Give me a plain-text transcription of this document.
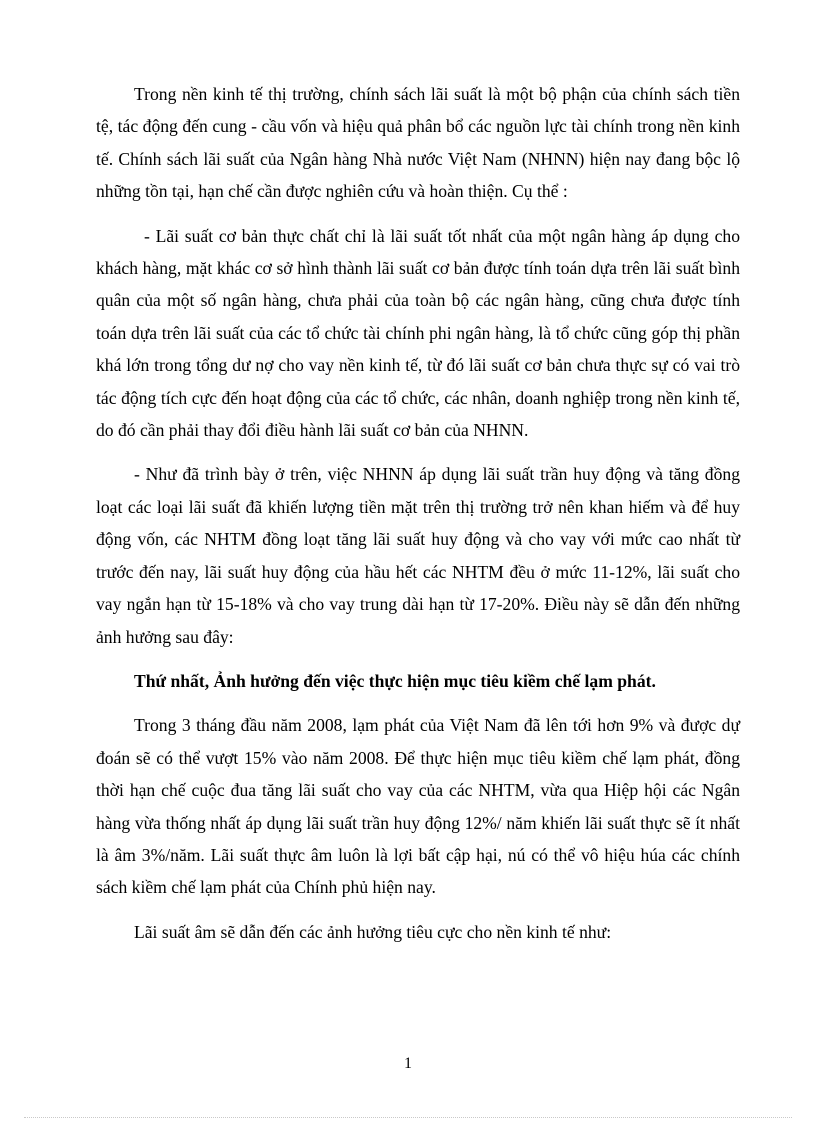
Trong nền kinh tế thị trường, chính sách lãi suất là một bộ phận của chính sách tiền tệ, tác động đến cung - cầu vốn và hiệu quả phân bổ các nguồn lực tài chính trong nền kinh tế. Chính sách lãi suất của Ngân hàng Nhà nước Việt Nam (NHNN) hiện nay đang bộc lộ những tồn tại, hạn chế cần được nghiên cứu và hoàn thiện. Cụ thể :

- Lãi suất cơ bản thực chất chỉ là lãi suất tốt nhất của một ngân hàng áp dụng cho khách hàng, mặt khác cơ sở hình thành lãi suất cơ bản được tính toán dựa trên lãi suất bình quân của một số ngân hàng, chưa phải của toàn bộ các ngân hàng, cũng chưa được tính toán dựa trên lãi suất của các tổ chức tài chính phi ngân hàng, là tổ chức cũng góp thị phần khá lớn trong tổng dư nợ cho vay nền kinh tế, từ đó lãi suất cơ bản chưa thực sự có vai trò tác động tích cực đến hoạt động của các tổ chức, các nhân, doanh nghiệp trong nền kinh tế, do đó cần phải thay đổi điều hành lãi suất cơ bản của NHNN.

- Như đã trình bày ở trên, việc NHNN áp dụng lãi suất trần huy động và tăng đồng loạt các loại lãi suất đã khiến lượng tiền mặt trên thị trường trở nên khan hiếm và để huy động vốn, các NHTM đồng loạt tăng lãi suất huy động và cho vay với mức cao nhất từ trước đến nay, lãi suất huy động của hầu hết các NHTM đều ở mức 11-12%, lãi suất cho vay ngắn hạn từ 15-18% và cho vay trung dài hạn từ 17-20%. Điều này sẽ dẫn đến những ảnh hưởng sau đây:

Thứ nhất, Ảnh hưởng đến việc thực hiện mục tiêu kiềm chế lạm phát.

Trong 3 tháng đầu năm 2008, lạm phát của Việt Nam đã lên tới hơn 9% và được dự đoán sẽ có thể vượt 15% vào năm 2008. Để thực hiện mục tiêu kiềm chế lạm phát, đồng thời hạn chế cuộc đua tăng lãi suất cho vay của các NHTM, vừa qua Hiệp hội các Ngân hàng vừa thống nhất áp dụng lãi suất trần huy động 12%/ năm khiến lãi suất thực sẽ ít nhất là âm 3%/năm. Lãi suất thực âm luôn là lợi bất cập hại, nú có thể vô hiệu húa các chính sách kiềm chế lạm phát của Chính phủ hiện nay.

Lãi suất âm sẽ dẫn đến các ảnh hưởng tiêu cực cho nền kinh tế như:

1
